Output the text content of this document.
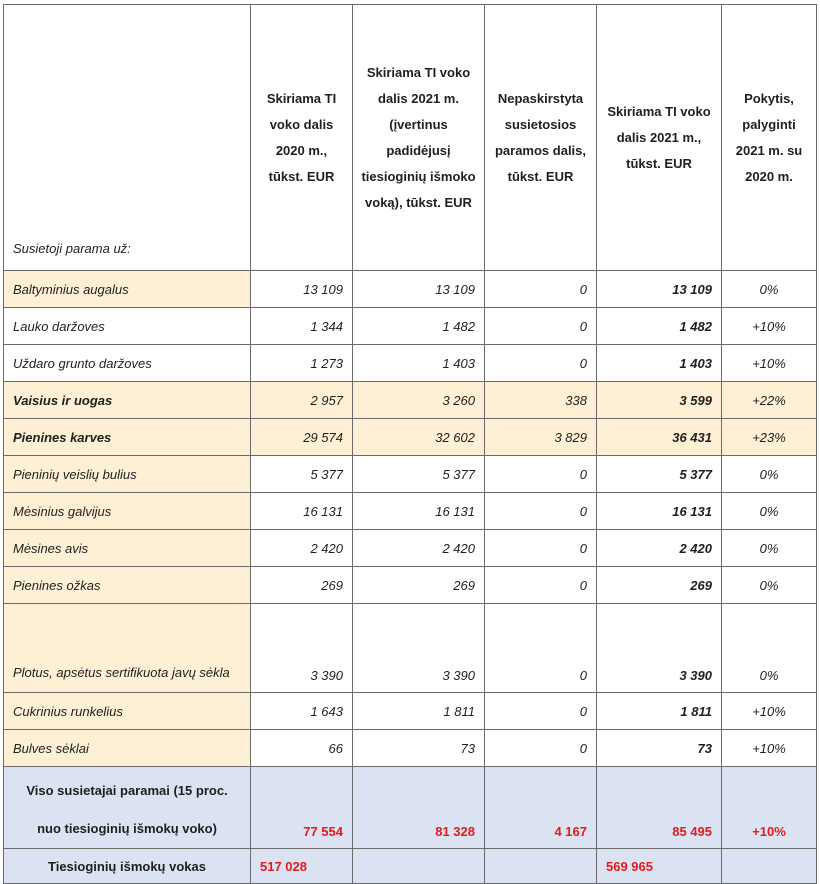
Susietoji parama už:	Skiriama TI voko dalis 2020 m., tūkst. EUR	Skiriama TI voko dalis 2021 m. (įvertinus padidėjusį tiesioginių išmoko voką), tūkst. EUR	Nepaskirstyta susietosios paramos dalis, tūkst. EUR	Skiriama TI voko dalis 2021 m., tūkst. EUR	Pokytis, palyginti 2021 m. su 2020 m.
Baltyminius augalus	13 109	13 109	0	13 109	0%
Lauko daržoves	1 344	1 482	0	1 482	+10%
Uždaro grunto daržoves	1 273	1 403	0	1 403	+10%
Vaisius ir uogas	2 957	3 260	338	3 599	+22%
Pienines karves	29 574	32 602	3 829	36 431	+23%
Pieninių veislių bulius	5 377	5 377	0	5 377	0%
Mėsinius galvijus	16 131	16 131	0	16 131	0%
Mėsines avis	2 420	2 420	0	2 420	0%
Pienines ožkas	269	269	0	269	0%
Plotus, apsėtus sertifikuota javų sėkla	3 390	3 390	0	3 390	0%
Cukrinius runkelius	1 643	1 811	0	1 811	+10%
Bulves sėklai	66	73	0	73	+10%
Viso susietajai paramai (15 proc. nuo tiesioginių išmokų voko)	77 554	81 328	4 167	85 495	+10%
Tiesioginių išmokų vokas	517 028			569 965	
